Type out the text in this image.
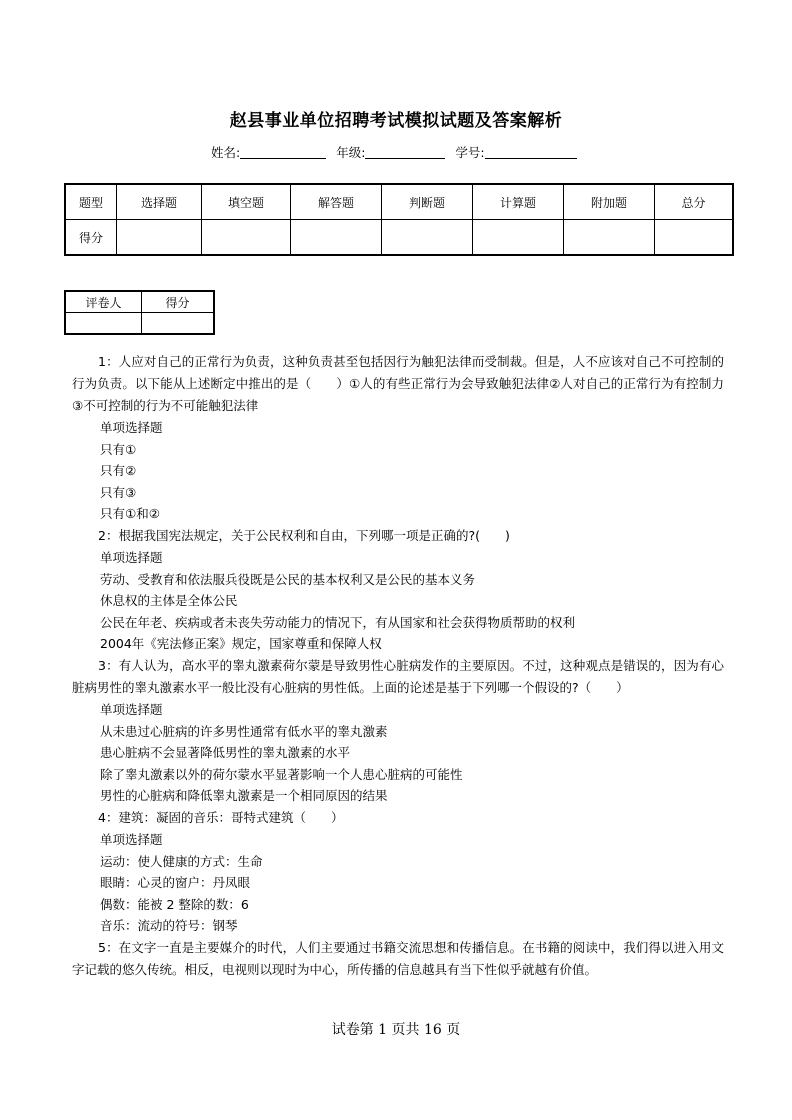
赵县事业单位招聘考试模拟试题及答案解析
姓名:	年级:	学号:
题型	选择题	填空题	解答题	判断题	计算题	附加题	总分
得分							
评卷人	得分

1：人应对自己的正常行为负责，这种负责甚至包括因行为触犯法律而受制裁。但是，人不应该对自己不可控制的行为负责。以下能从上述断定中推出的是（　　）①人的有些正常行为会导致触犯法律②人对自己的正常行为有控制力③不可控制的行为不可能触犯法律
单项选择题
只有①
只有②
只有③
只有①和②
2：根据我国宪法规定，关于公民权利和自由，下列哪一项是正确的?(　　)
单项选择题
劳动、受教育和依法服兵役既是公民的基本权利又是公民的基本义务
休息权的主体是全体公民
公民在年老、疾病或者未丧失劳动能力的情况下，有从国家和社会获得物质帮助的权利
2004年《宪法修正案》规定，国家尊重和保障人权
3：有人认为，高水平的睾丸激素荷尔蒙是导致男性心脏病发作的主要原因。不过，这种观点是错误的，因为有心脏病男性的睾丸激素水平一般比没有心脏病的男性低。上面的论述是基于下列哪一个假设的?（　　）
单项选择题
从未患过心脏病的许多男性通常有低水平的睾丸激素
患心脏病不会显著降低男性的睾丸激素的水平
除了睾丸激素以外的荷尔蒙水平显著影响一个人患心脏病的可能性
男性的心脏病和降低睾丸激素是一个相同原因的结果
4：建筑：凝固的音乐：哥特式建筑（　　）
单项选择题
运动：使人健康的方式：生命
眼睛：心灵的窗户：丹凤眼
偶数：能被 2 整除的数：6
音乐：流动的符号：钢琴
5：在文字一直是主要媒介的时代，人们主要通过书籍交流思想和传播信息。在书籍的阅读中，我们得以进入用文字记载的悠久传统。相反，电视则以现时为中心，所传播的信息越具有当下性似乎就越有价值。
试卷第 1 页共 16 页
